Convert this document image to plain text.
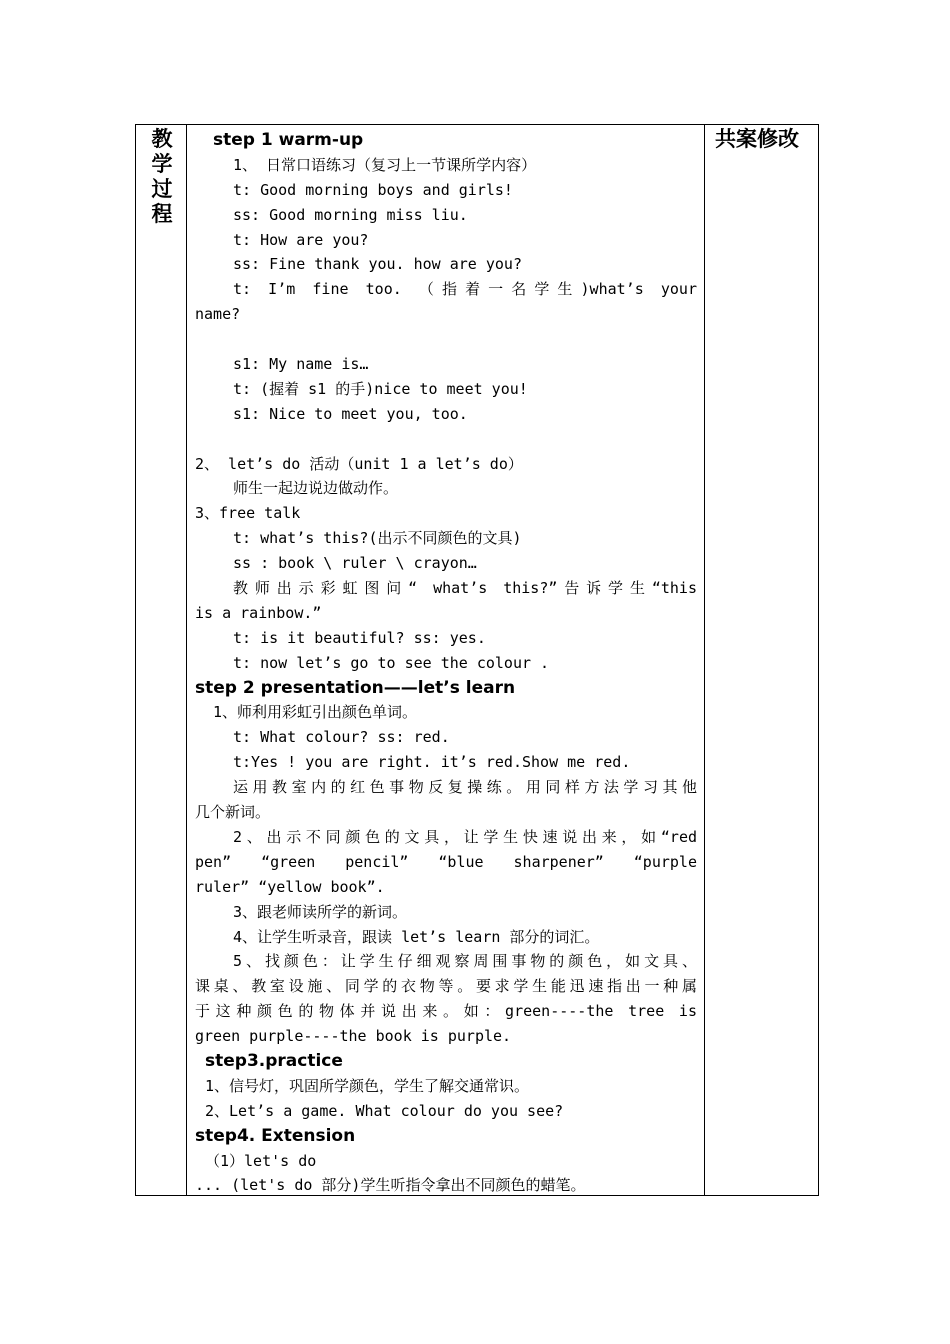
教学过程
step 1 warm-up
1、 日常口语练习（复习上一节课所学内容）
t: Good morning boys and girls!
ss: Good morning miss liu.
t: How are you?
ss: Fine thank you. how are you?
t: I’m fine too. （指着一名学生)what’s your
name?
s1: My name is…
t: (握着 s1 的手)nice to meet you!
s1: Nice to meet you, too.
2、 let’s do 活动（unit 1 a let’s do）
师生一起边说边做动作。
3、free talk
t: what’s this?(出示不同颜色的文具)
ss : book \ ruler \ crayon…
教师出示彩虹图问“ what’s this?”告诉学生“this
is a rainbow.”
t: is it beautiful? ss: yes.
t: now let’s go to see the colour .
step 2 presentation——let’s learn
1、师利用彩虹引出颜色单词。
t: What colour? ss: red.
t:Yes ! you are right. it’s red.Show me red.
运用教室内的红色事物反复操练。用同样方法学习其他
几个新词。
2、出示不同颜色的文具，让学生快速说出来，如“red
pen” “green pencil” “blue sharpener” “purple
ruler” “yellow book”.
3、跟老师读所学的新词。
4、让学生听录音，跟读 let’s learn 部分的词汇。
5、找颜色：让学生仔细观察周围事物的颜色，如文具、
课桌、教室设施、同学的衣物等。要求学生能迅速指出一种属
于这种颜色的物体并说出来。如：green----the tree is
green purple----the book is purple.
step3.practice
1、信号灯，巩固所学颜色，学生了解交通常识。
2、Let’s a game. What colour do you see?
step4. Extension
（1）let's do
... (let's do 部分)学生听指令拿出不同颜色的蜡笔。
共案修改
